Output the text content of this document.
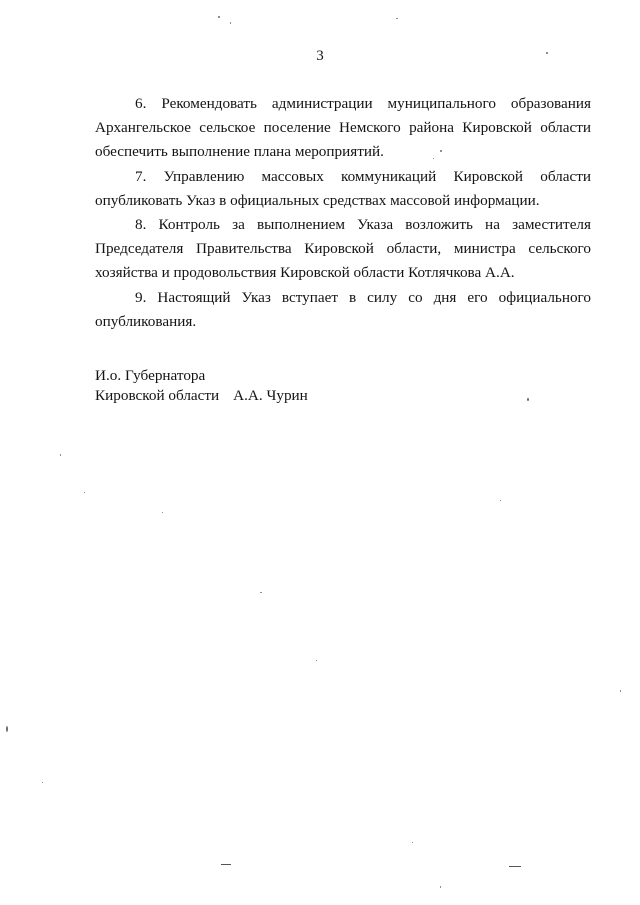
3

6. Рекомендовать администрации муниципального образования Архангельское сельское поселение Немского района Кировской области обеспечить выполнение плана мероприятий.

7. Управлению массовых коммуникаций Кировской области опубликовать Указ в официальных средствах массовой информации.

8. Контроль за выполнением Указа возложить на заместителя Председателя Правительства Кировской области, министра сельского хозяйства и продовольствия Кировской области Котлячкова А.А.

9. Настоящий Указ вступает в силу со дня его официального опубликования.

И.о. Губернатора
Кировской области А.А. Чурин
